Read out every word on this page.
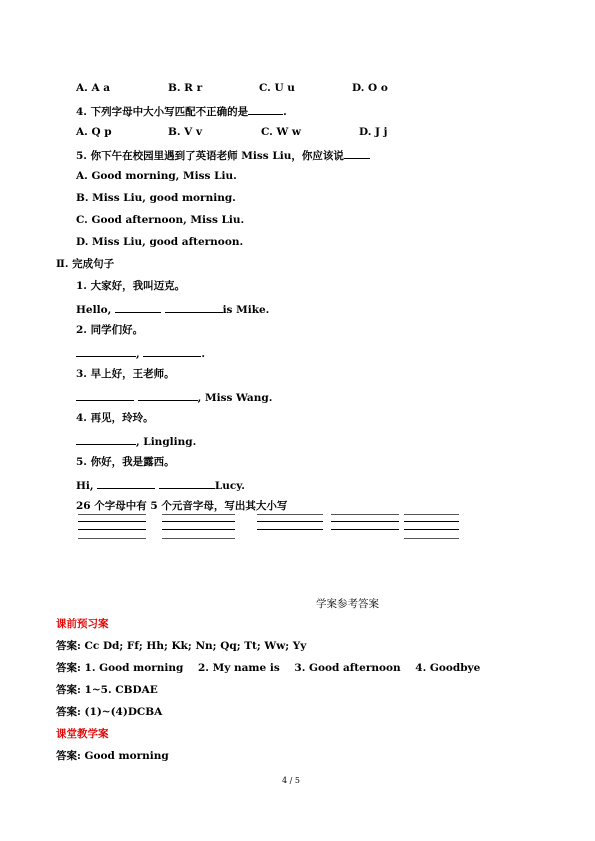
A. A a	B. R r	C. U u	D. O o
4. 下列字母中大小写匹配不正确的是	.
A. Q p	B. V v	C. W w	D. J j
5. 你下午在校园里遇到了英语老师 Miss Liu，你应该说
A. Good morning, Miss Liu.
B. Miss Liu, good morning.
C. Good afternoon, Miss Liu.
D. Miss Liu, good afternoon.
Ⅱ. 完成句子
1. 大家好，我叫迈克。
Hello,	is Mike.
2. 同学们好。
,	.
3. 早上好，王老师。
, Miss Wang.
4. 再见，玲玲。
, Lingling.
5. 你好，我是露西。
Hi,	Lucy.
26 个字母中有 5 个元音字母，写出其大小写
学案参考答案
课前预习案
答案: Cc Dd; Ff; Hh; Kk; Nn; Qq; Tt; Ww; Yy
答案: 1. Good morning    2. My name is    3. Good afternoon    4. Goodbye
答案: 1~5. CBDAE
答案: (1)~(4)DCBA
课堂教学案
答案: Good morning
4 / 5
